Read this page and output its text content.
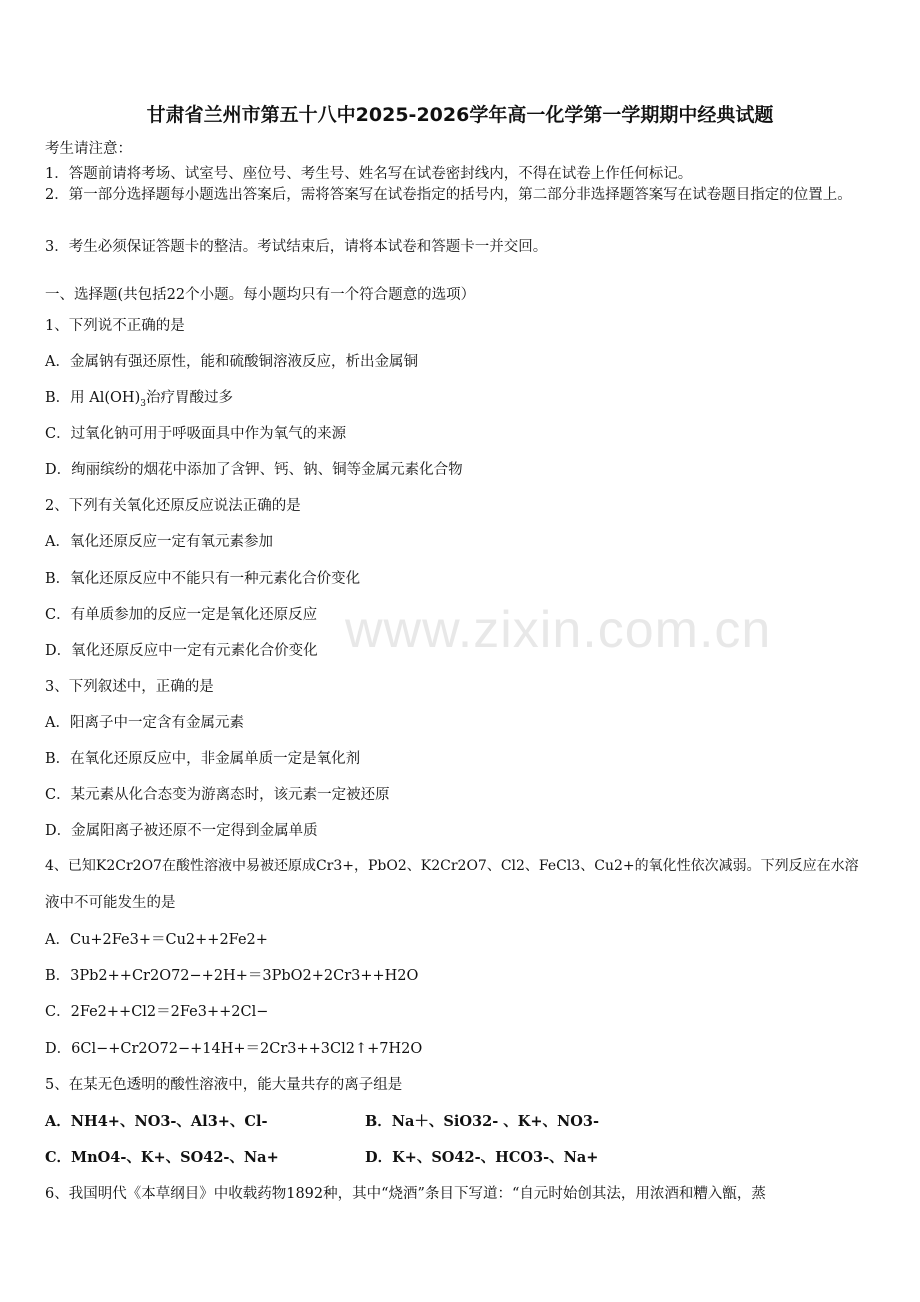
甘肃省兰州市第五十八中2025-2026学年高一化学第一学期期中经典试题
考生请注意：
1．答题前请将考场、试室号、座位号、考生号、姓名写在试卷密封线内，不得在试卷上作任何标记。
2．第一部分选择题每小题选出答案后，需将答案写在试卷指定的括号内，第二部分非选择题答案写在试卷题目指定的位置上。
3．考生必须保证答题卡的整洁。考试结束后，请将本试卷和答题卡一并交回。
一、选择题(共包括22个小题。每小题均只有一个符合题意的选项）
www.zixin.com.cn
1、下列说不正确的是
A．金属钠有强还原性，能和硫酸铜溶液反应，析出金属铜
B．用 $Al(OH)_3$治疗胃酸过多
C．过氧化钠可用于呼吸面具中作为氧气的来源
D．绚丽缤纷的烟花中添加了含钾、钙、钠、铜等金属元素化合物
2、下列有关氧化还原反应说法正确的是
A．氧化还原反应一定有氧元素参加
B．氧化还原反应中不能只有一种元素化合价变化
C．有单质参加的反应一定是氧化还原反应
D．氧化还原反应中一定有元素化合价变化
3、下列叙述中，正确的是
A．阳离子中一定含有金属元素
B．在氧化还原反应中，非金属单质一定是氧化剂
C．某元素从化合态变为游离态时，该元素一定被还原
D．金属阳离子被还原不一定得到金属单质
4、已知K2Cr2O7在酸性溶液中易被还原成Cr3+，PbO2、K2Cr2O7、Cl2、FeCl3、Cu2+的氧化性依次减弱。下列反应在水溶
液中不可能发生的是
A．Cu+2Fe3+＝Cu2++2Fe2+
B．3Pb2++Cr2O72−+2H+＝3PbO2+2Cr3++H2O
C．2Fe2++Cl2＝2Fe3++2Cl−
D．6Cl−+Cr2O72−+14H+＝2Cr3++3Cl2↑+7H2O
5、在某无色透明的酸性溶液中，能大量共存的离子组是
A．NH4+、NO3-、Al3+、Cl-	B．Na＋、SiO32- 、K+、NO3-
C．MnO4-、K+、SO42-、Na+	D．K+、SO42-、HCO3-、Na+
6、我国明代《本草纲目》中收载药物1892种，其中“烧酒”条目下写道：“自元时始创其法，用浓酒和糟入甑，蒸
